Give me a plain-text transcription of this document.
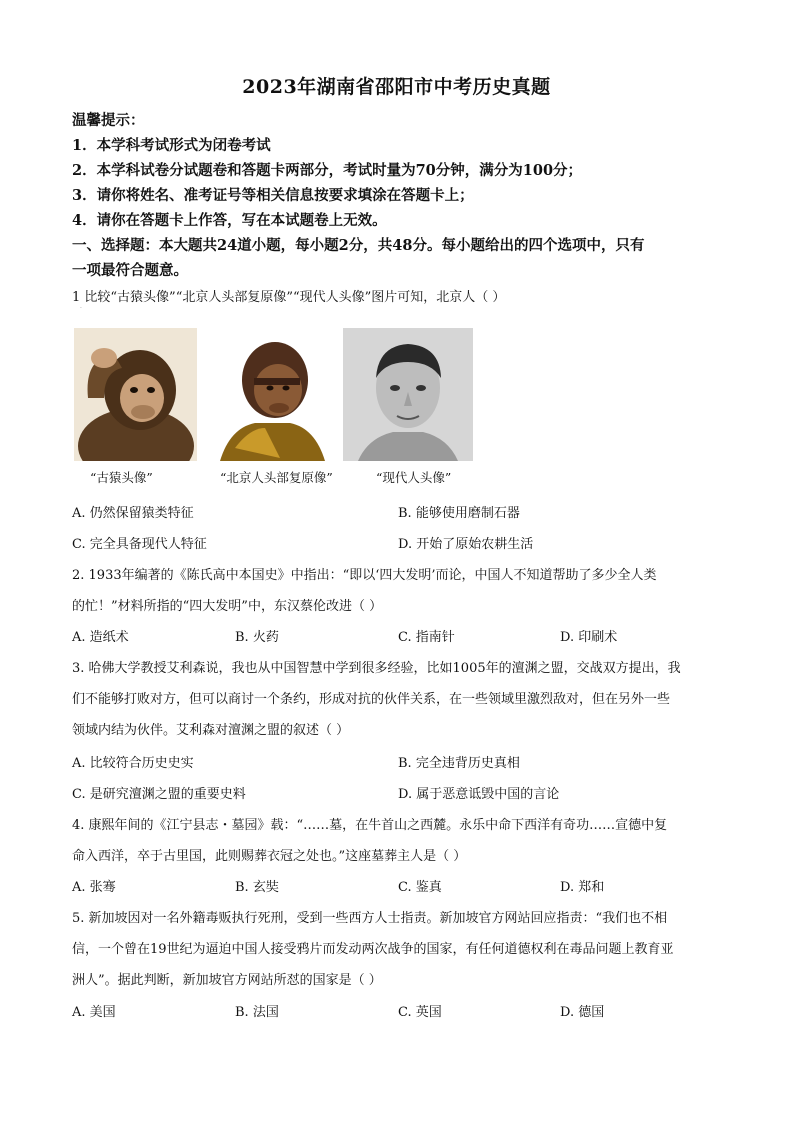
2023年湖南省邵阳市中考历史真题
温馨提示：
1．本学科考试形式为闭卷考试
2．本学科试卷分试题卷和答题卡两部分，考试时量为70分钟，满分为100分；
3．请你将姓名、准考证号等相关信息按要求填涂在答题卡上；
4．请你在答题卡上作答，写在本试题卷上无效。
一、选择题：本大题共24道小题，每小题2分，共48分。每小题给出的四个选项中，只有
一项最符合题意。
1 比较“古猿头像”“北京人头部复原像”“现代人头像”图片可知，北京人（ ）
·
“古猿头像”	“北京人头部复原像”	“现代人头像”
A. 仍然保留猿类特征	B. 能够使用磨制石器
C. 完全具备现代人特征	D. 开始了原始农耕生活
2. 1933年编著的《陈氏高中本国史》中指出：“即以‘四大发明’而论，中国人不知道帮助了多少全人类
的忙！”材料所指的“四大发明”中，东汉蔡伦改进（ ）
A. 造纸术	B. 火药	C. 指南针	D. 印刷术
3. 哈佛大学教授艾利森说，我也从中国智慧中学到很多经验，比如1005年的澶渊之盟，交战双方提出，我
们不能够打败对方，但可以商讨一个条约，形成对抗的伙伴关系，在一些领域里激烈敌对，但在另外一些
领域内结为伙伴。艾利森对澶渊之盟的叙述（ ）
A. 比较符合历史史实	B. 完全违背历史真相
C. 是研究澶渊之盟的重要史料	D. 属于恶意诋毁中国的言论
4. 康熙年间的《江宁县志・墓园》载：“……墓，在牛首山之西麓。永乐中命下西洋有奇功……宣德中复
命入西洋，卒于古里国，此则赐葬衣冠之处也。”这座墓葬主人是（ ）
A. 张骞	B. 玄奘	C. 鉴真	D. 郑和
5. 新加坡因对一名外籍毒贩执行死刑，受到一些西方人士指责。新加坡官方网站回应指责：“我们也不相
信，一个曾在19世纪为逼迫中国人接受鸦片而发动两次战争的国家，有任何道德权利在毒品问题上教育亚
洲人”。据此判断，新加坡官方网站所怼的国家是（ ）
A. 美国	B. 法国	C. 英国	D. 德国
